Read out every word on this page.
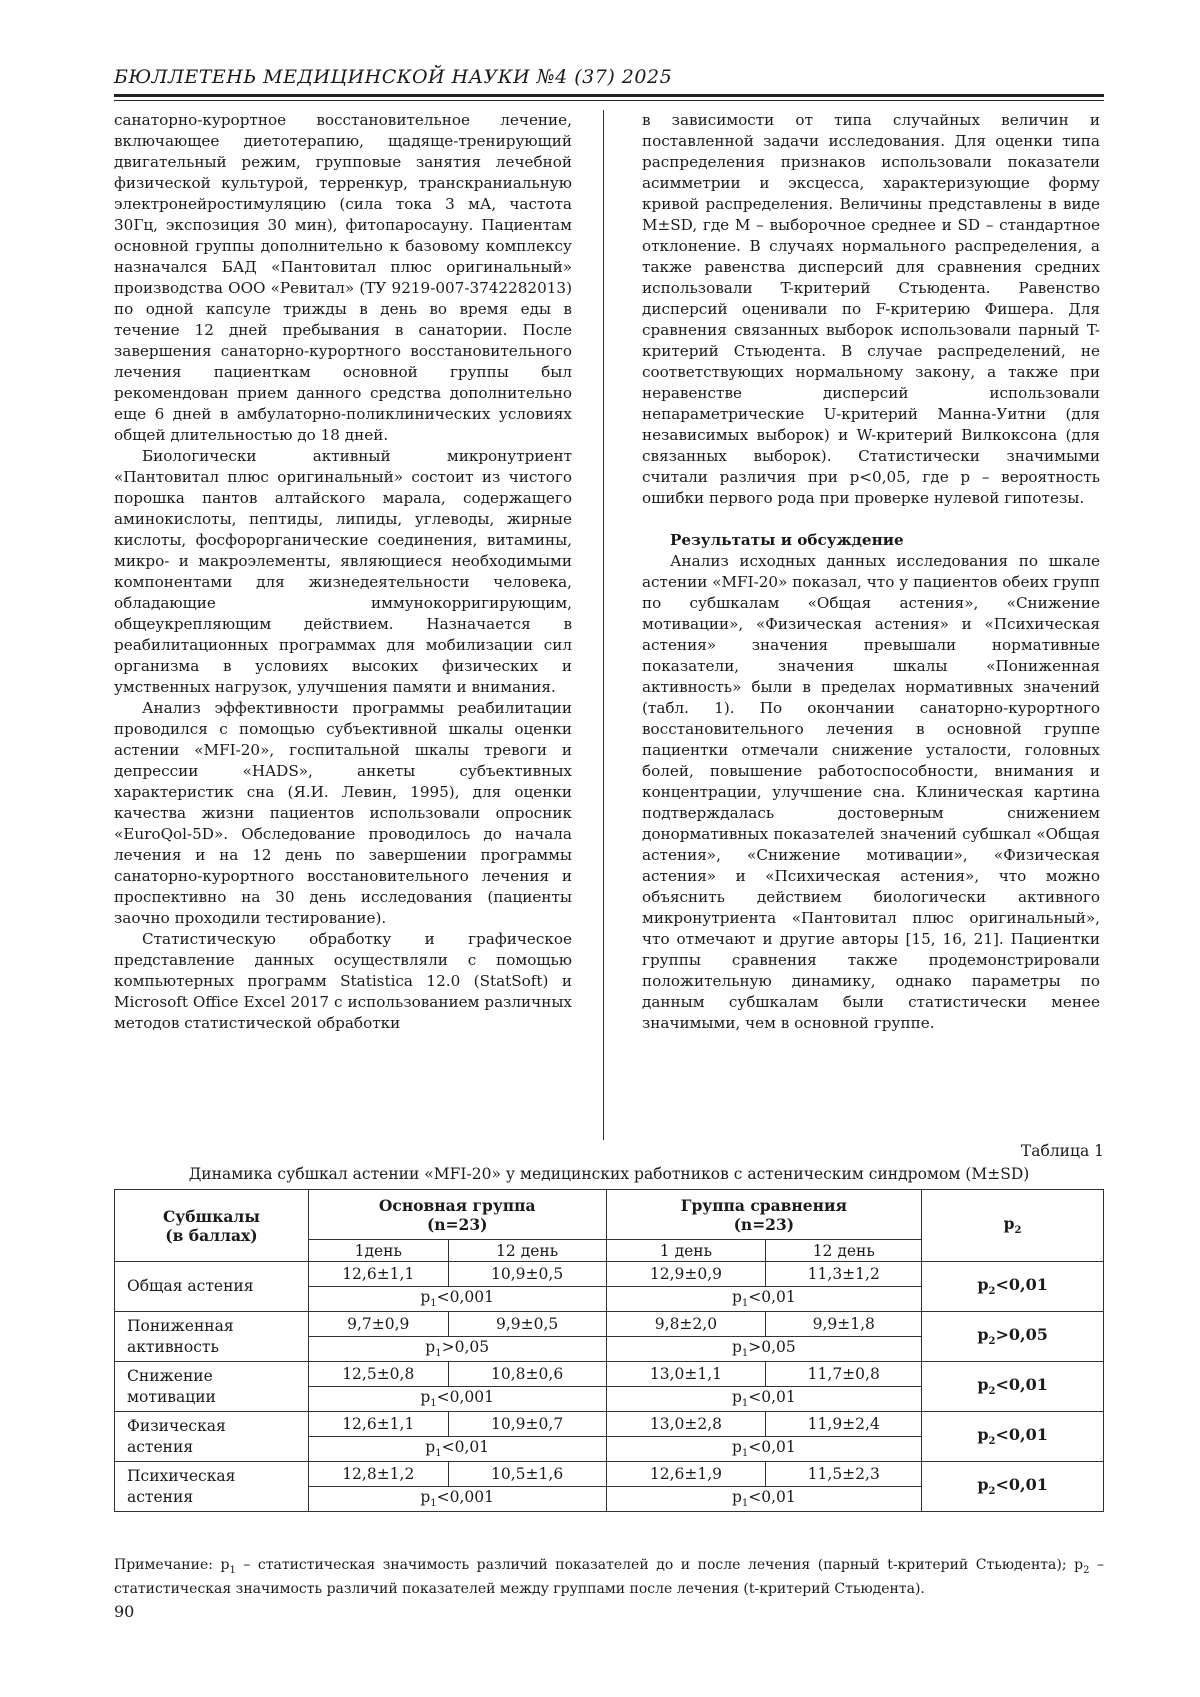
БЮЛЛЕТЕНЬ МЕДИЦИНСКОЙ НАУКИ №4 (37) 2025

санаторно-курортное восстановительное лечение, включающее диетотерапию, щадяще-тренирующий двигательный режим, групповые занятия лечебной физической культурой, терренкур, транскраниальную электронейростимуляцию (сила тока 3 мА, частота 30Гц, экспозиция 30 мин), фитопаросауну. Пациентам основной группы дополнительно к базовому комплексу назначался БАД «Пантовитал плюс оригинальный» производства ООО «Ревитал» (ТУ 9219-007-3742282013) по одной капсуле трижды в день во время еды в течение 12 дней пребывания в санатории. После завершения санаторно-курортного восстановительного лечения пациенткам основной группы был рекомендован прием данного средства дополнительно еще 6 дней в амбулаторно-поликлинических условиях общей длительностью до 18 дней.

Биологически активный микронутриент «Пантовитал плюс оригинальный» состоит из чистого порошка пантов алтайского марала, содержащего аминокислоты, пептиды, липиды, углеводы, жирные кислоты, фосфорорганические соединения, витамины, микро- и макроэлементы, являющиеся необходимыми компонентами для жизнедеятельности человека, обладающие иммунокорригирующим, общеукрепляющим действием. Назначается в реабилитационных программах для мобилизации сил организма в условиях высоких физических и умственных нагрузок, улучшения памяти и внимания.

Анализ эффективности программы реабилитации проводился с помощью субъективной шкалы оценки астении «MFI-20», госпитальной шкалы тревоги и депрессии «HADS», анкеты субъективных характеристик сна (Я.И. Левин, 1995), для оценки качества жизни пациентов использовали опросник «EuroQol-5D». Обследование проводилось до начала лечения и на 12 день по завершении программы санаторно-курортного восстановительного лечения и проспективно на 30 день исследования (пациенты заочно проходили тестирование).

Статистическую обработку и графическое представление данных осуществляли с помощью компьютерных программ Statistica 12.0 (StatSoft) и Microsoft Office Excel 2017 с использованием различных методов статистической обработки

в зависимости от типа случайных величин и поставленной задачи исследования. Для оценки типа распределения признаков использовали показатели асимметрии и эксцесса, характеризующие форму кривой распределения. Величины представлены в виде M±SD, где M – выборочное среднее и SD – стандартное отклонение. В случаях нормального распределения, а также равенства дисперсий для сравнения средних использовали T-критерий Стьюдента. Равенство дисперсий оценивали по F-критерию Фишера. Для сравнения связанных выборок использовали парный T-критерий Стьюдента. В случае распределений, не соответствующих нормальному закону, а также при неравенстве дисперсий использовали непараметрические U-критерий Манна-Уитни (для независимых выборок) и W-критерий Вилкоксона (для связанных выборок). Статистически значимыми считали различия при p<0,05, где p – вероятность ошибки первого рода при проверке нулевой гипотезы.

Результаты и обсуждение

Анализ исходных данных исследования по шкале астении «MFI-20» показал, что у пациентов обеих групп по субшкалам «Общая астения», «Снижение мотивации», «Физическая астения» и «Психическая астения» значения превышали нормативные показатели, значения шкалы «Пониженная активность» были в пределах нормативных значений (табл. 1). По окончании санаторно-курортного восстановительного лечения в основной группе пациентки отмечали снижение усталости, головных болей, повышение работоспособности, внимания и концентрации, улучшение сна. Клиническая картина подтверждалась достоверным снижением донормативных показателей значений субшкал «Общая астения», «Снижение мотивации», «Физическая астения» и «Психическая астения», что можно объяснить действием биологически активного микронутриента «Пантовитал плюс оригинальный», что отмечают и другие авторы [15, 16, 21]. Пациентки группы сравнения также продемонстрировали положительную динамику, однако параметры по данным субшкалам были статистически менее значимыми, чем в основной группе.

Таблица 1
Динамика субшкал астении «MFI-20» у медицинских работников с астеническим синдромом (M±SD)
Субшкалы
(в баллах)	Основная группа
(n=23)		Группа сравнения
(n=23)		$p_2$
	1день	12 день	1 день	12 день	
Общая астения	12,6±1,1	10,9±0,5	12,9±0,9	11,3±1,2	$p_2<0,01$
	$p_1<0,001$		$p_1<0,01$		
Пониженная
активность	9,7±0,9	9,9±0,5	9,8±2,0	9,9±1,8	$p_2>0,05$
	$p_1>0,05$		$p_1>0,05$		
Снижение
мотивации	12,5±0,8	10,8±0,6	13,0±1,1	11,7±0,8	$p_2<0,01$
	$p_1<0,001$		$p_1<0,01$		
Физическая
астения	12,6±1,1	10,9±0,7	13,0±2,8	11,9±2,4	$p_2<0,01$
	$p_1<0,01$		$p_1<0,01$		
Психическая
астения	12,8±1,2	10,5±1,6	12,6±1,9	11,5±2,3	$p_2<0,01$
	$p_1<0,001$		$p_1<0,01$		
Примечание: $p_1$ – статистическая значимость различий показателей до и после лечения (парный t-критерий Стьюдента); $p_2$ – статистическая значимость различий показателей между группами после лечения (t-критерий Стьюдента).
90
